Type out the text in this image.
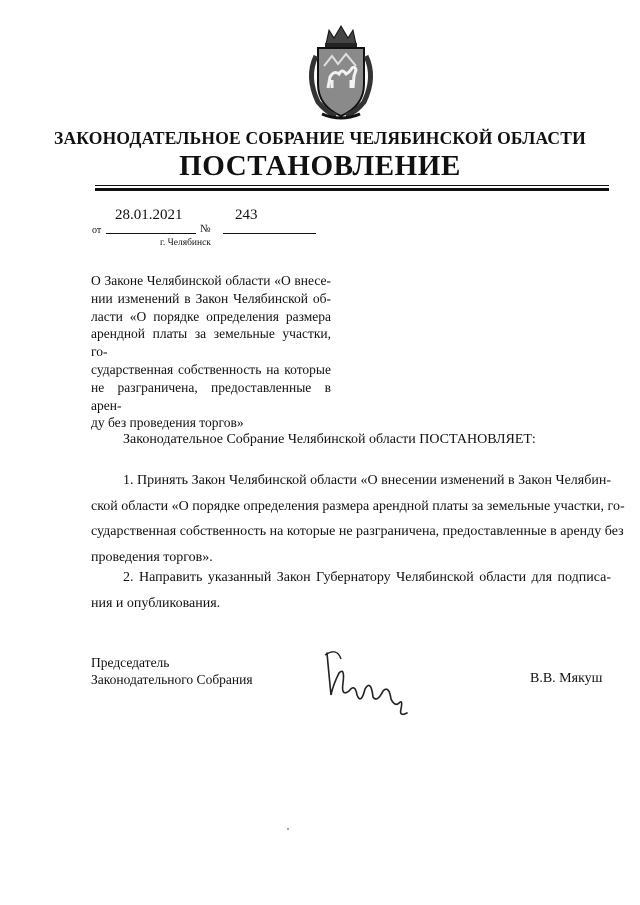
ЗАКОНОДАТЕЛЬНОЕ СОБРАНИЕ ЧЕЛЯБИНСКОЙ ОБЛАСТИ
ПОСТАНОВЛЕНИЕ
28.01.2021	243
от	№
г. Челябинск
О Законе Челябинской области «О внесе-
нии изменений в Закон Челябинской об-
ласти «О порядке определения размера
арендной платы за земельные участки, го-
сударственная собственность на которые
не разграничена, предоставленные в арен-
ду без проведения торгов»
Законодательное Собрание Челябинской области ПОСТАНОВЛЯЕТ:
1. Принять Закон Челябинской области «О внесении изменений в Закон Челябин-
ской области «О порядке определения размера арендной платы за земельные участки, го-
сударственная собственность на которые не разграничена, предоставленные в аренду без
проведения торгов».
2. Направить указанный Закон Губернатору Челябинской области для подписа-
ния и опубликования.
Председатель
Законодательного Собрания	В.В. Мякуш
